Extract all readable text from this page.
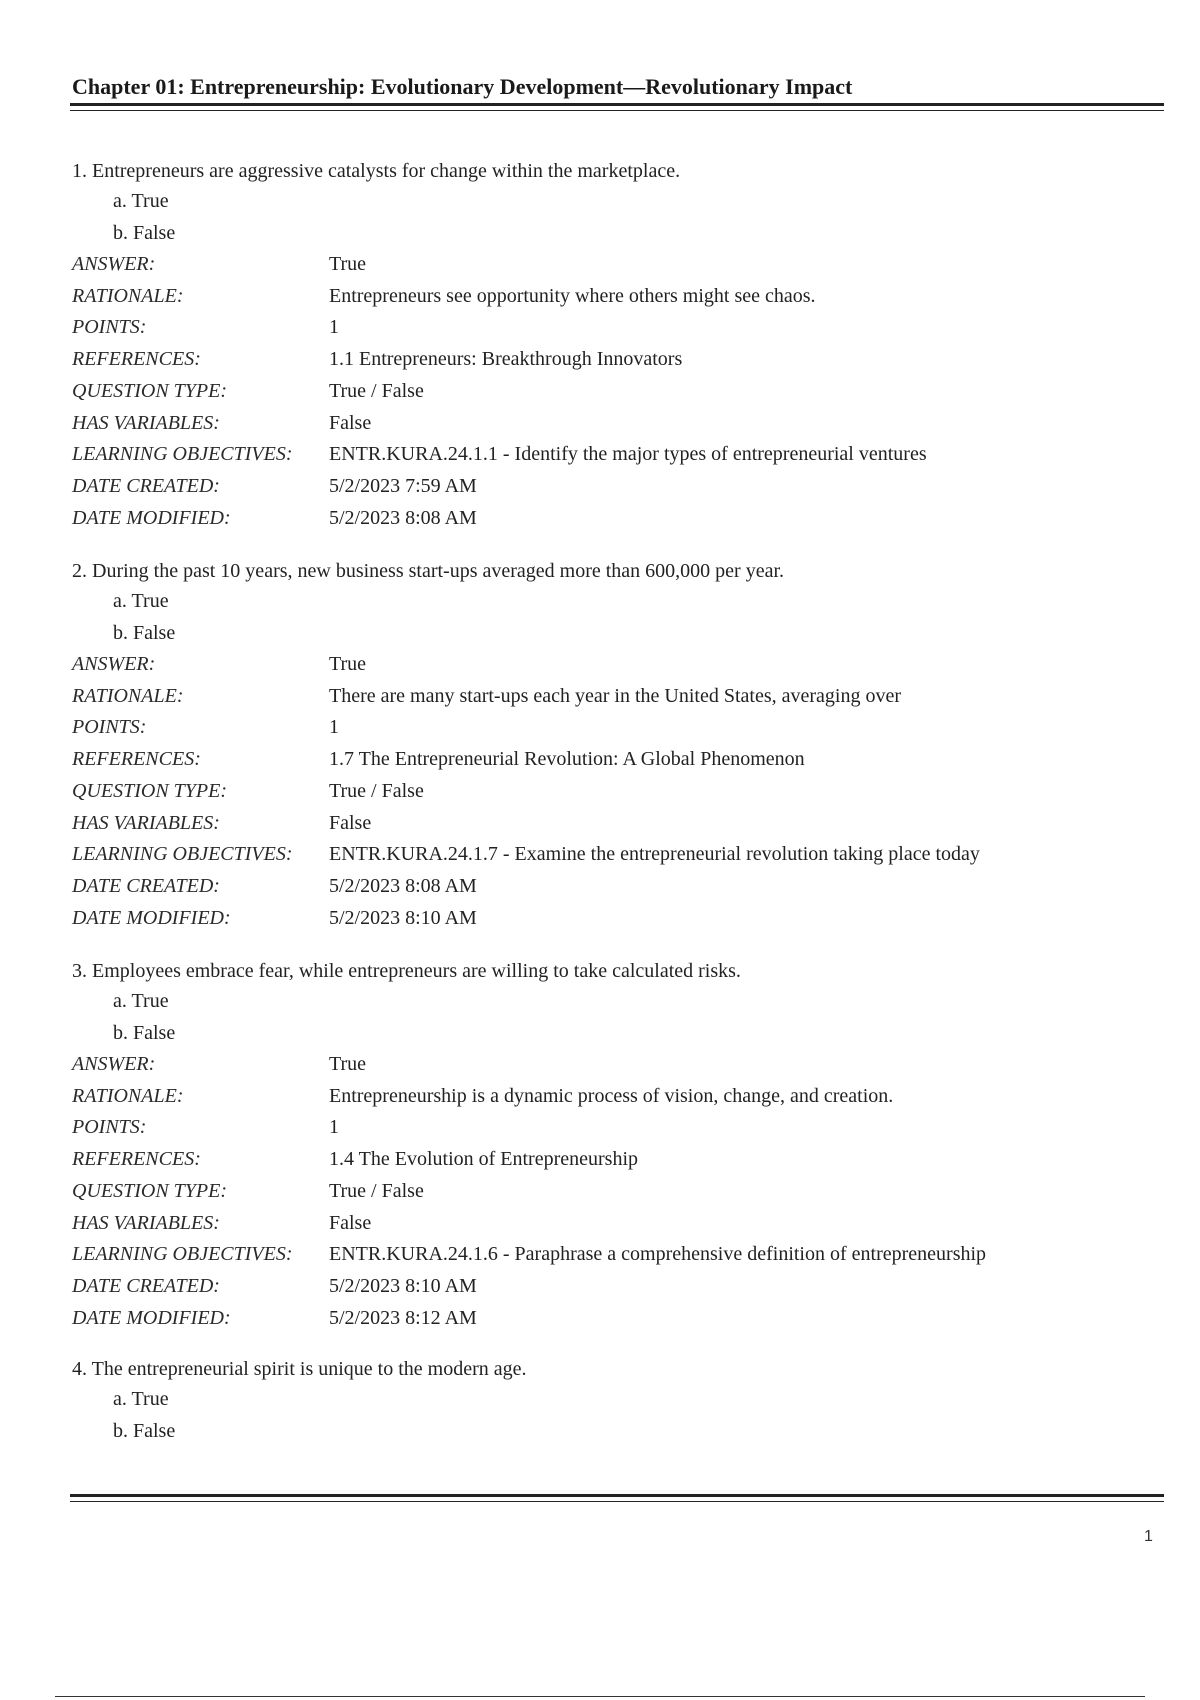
Chapter 01: Entrepreneurship: Evolutionary Development—Revolutionary Impact
1. Entrepreneurs are aggressive catalysts for change within the marketplace.
a. True
b. False
ANSWER:	True
RATIONALE:	Entrepreneurs see opportunity where others might see chaos.
POINTS:	1
REFERENCES:	1.1 Entrepreneurs: Breakthrough Innovators
QUESTION TYPE:	True / False
HAS VARIABLES:	False
LEARNING OBJECTIVES:	ENTR.KURA.24.1.1 - Identify the major types of entrepreneurial ventures
DATE CREATED:	5/2/2023 7:59 AM
DATE MODIFIED:	5/2/2023 8:08 AM
2. During the past 10 years, new business start-ups averaged more than 600,000 per year.
a. True
b. False
ANSWER:	True
RATIONALE:	There are many start-ups each year in the United States, averaging over
POINTS:	1
REFERENCES:	1.7 The Entrepreneurial Revolution: A Global Phenomenon
QUESTION TYPE:	True / False
HAS VARIABLES:	False
LEARNING OBJECTIVES:	ENTR.KURA.24.1.7 - Examine the entrepreneurial revolution taking place today
DATE CREATED:	5/2/2023 8:08 AM
DATE MODIFIED:	5/2/2023 8:10 AM
3. Employees embrace fear, while entrepreneurs are willing to take calculated risks.
a. True
b. False
ANSWER:	True
RATIONALE:	Entrepreneurship is a dynamic process of vision, change, and creation.
POINTS:	1
REFERENCES:	1.4 The Evolution of Entrepreneurship
QUESTION TYPE:	True / False
HAS VARIABLES:	False
LEARNING OBJECTIVES:	ENTR.KURA.24.1.6 - Paraphrase a comprehensive definition of entrepreneurship
DATE CREATED:	5/2/2023 8:10 AM
DATE MODIFIED:	5/2/2023 8:12 AM
4. The entrepreneurial spirit is unique to the modern age.
a. True
b. False
1
